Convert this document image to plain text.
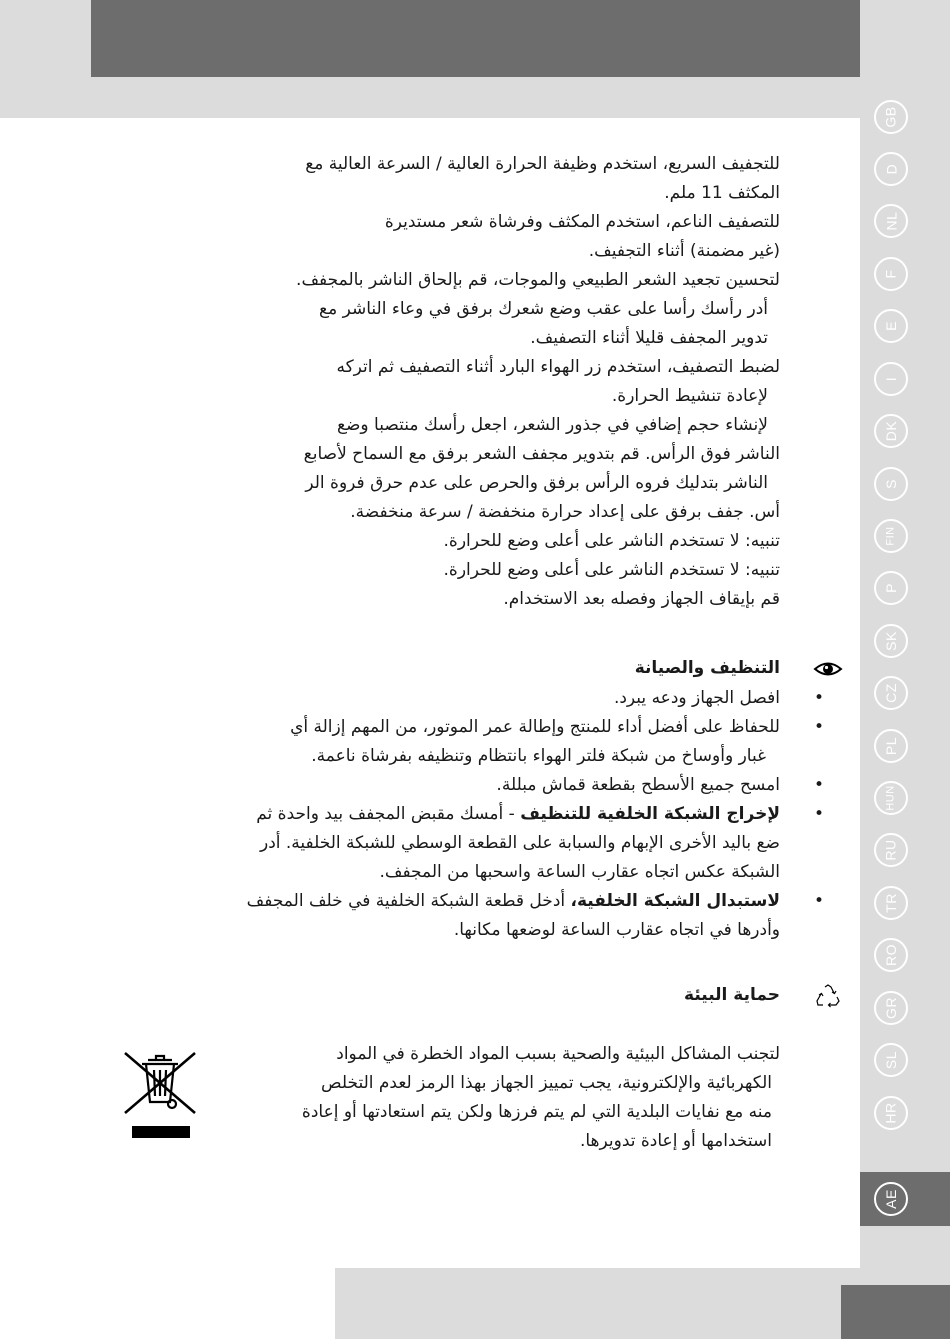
GB
D
NL
F
E
I
DK
S
FIN
P
SK
CZ
PL
HUN
RU
TR
RO
GR
SL
HR
AE

للتجفيف السريع، استخدم وظيفة الحرارة العالية / السرعة العالية مع

المكثف 11 ملم.

للتصفيف الناعم، استخدم المكثف وفرشاة شعر مستديرة

(غير مضمنة) أثناء التجفيف.

لتحسين تجعيد الشعر الطبيعي والموجات، قم بإلحاق الناشر بالمجفف.

أدر رأسك رأسا على عقب وضع شعرك برفق في وعاء الناشر مع

تدوير المجفف قليلا أثناء التصفيف.

لضبط التصفيف، استخدم زر الهواء البارد أثناء التصفيف ثم اتركه

لإعادة تنشيط الحرارة.

لإنشاء حجم إضافي في جذور الشعر، اجعل رأسك منتصبا وضع

الناشر فوق الرأس. قم بتدوير مجفف الشعر برفق مع السماح لأصابع

الناشر بتدليك فروه الرأس برفق والحرص على عدم حرق فروة الر

أس. جفف برفق على إعداد حرارة منخفضة / سرعة منخفضة.

تنبيه: لا تستخدم الناشر على أعلى وضع للحرارة.

تنبيه: لا تستخدم الناشر على أعلى وضع للحرارة.

قم بإيقاف الجهاز وفصله بعد الاستخدام.

التنظيف والصيانة
•
افصل الجهاز ودعه يبرد.
•
للحفاظ على أفضل أداء للمنتج وإطالة عمر الموتور، من المهم إزالة أي
غبار وأوساخ من شبكة فلتر الهواء بانتظام وتنظيفه بفرشاة ناعمة.
•
امسح جميع الأسطح بقطعة قماش مبللة.
•
لإخراج الشبكة الخلفية للتنظيف - أمسك مقبض المجفف بيد واحدة ثم
ضع باليد الأخرى الإبهام والسبابة على القطعة الوسطي للشبكة الخلفية. أدر
الشبكة عكس اتجاه عقارب الساعة واسحبها من المجفف.
•
لاستبدال الشبكة الخلفية، أدخل قطعة الشبكة الخلفية في خلف المجفف
وأدرها في اتجاه عقارب الساعة لوضعها مكانها.
حماية البيئة
لتجنب المشاكل البيئية والصحية بسبب المواد الخطرة في المواد
الكهربائية والإلكترونية، يجب تمييز الجهاز بهذا الرمز لعدم التخلص
منه مع نفايات البلدية التي لم يتم فرزها ولكن يتم استعادتها أو إعادة
استخدامها أو إعادة تدويرها.
